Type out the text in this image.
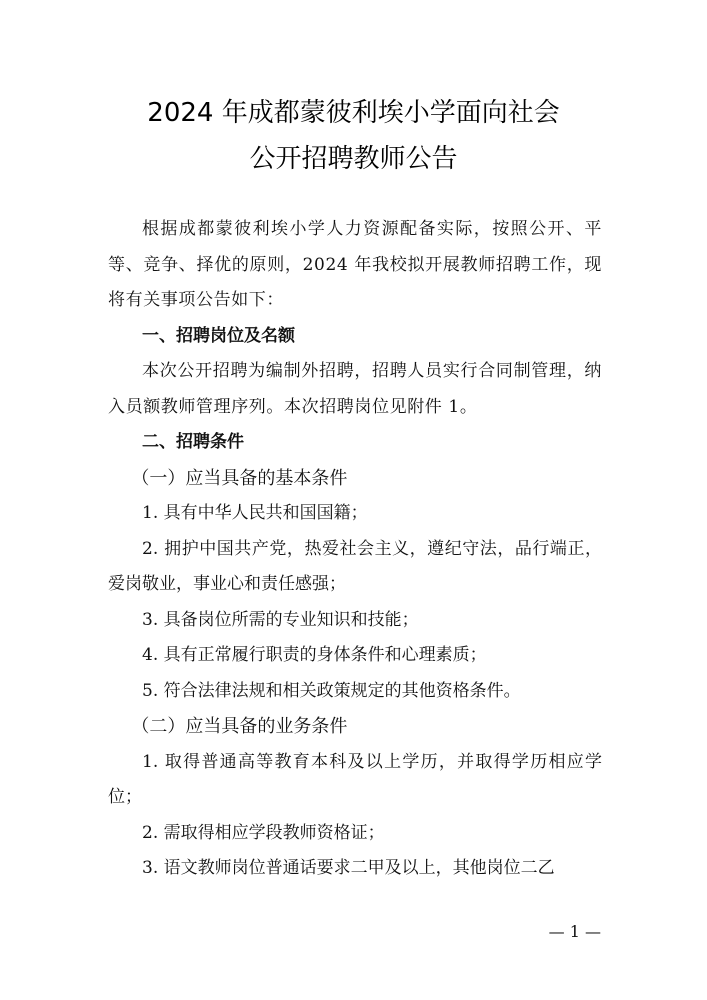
2024 年成都蒙彼利埃小学面向社会
公开招聘教师公告

根据成都蒙彼利埃小学人力资源配备实际，按照公开、平等、竞争、择优的原则，2024 年我校拟开展教师招聘工作，现将有关事项公告如下：

一、招聘岗位及名额

本次公开招聘为编制外招聘，招聘人员实行合同制管理，纳入员额教师管理序列。本次招聘岗位见附件 1。

二、招聘条件

（一）应当具备的基本条件

1. 具有中华人民共和国国籍；

2. 拥护中国共产党，热爱社会主义，遵纪守法，品行端正，爱岗敬业，事业心和责任感强；

3. 具备岗位所需的专业知识和技能；

4. 具有正常履行职责的身体条件和心理素质；

5. 符合法律法规和相关政策规定的其他资格条件。

（二）应当具备的业务条件

1. 取得普通高等教育本科及以上学历，并取得学历相应学位；

2. 需取得相应学段教师资格证；

3. 语文教师岗位普通话要求二甲及以上，其他岗位二乙

— 1 —
